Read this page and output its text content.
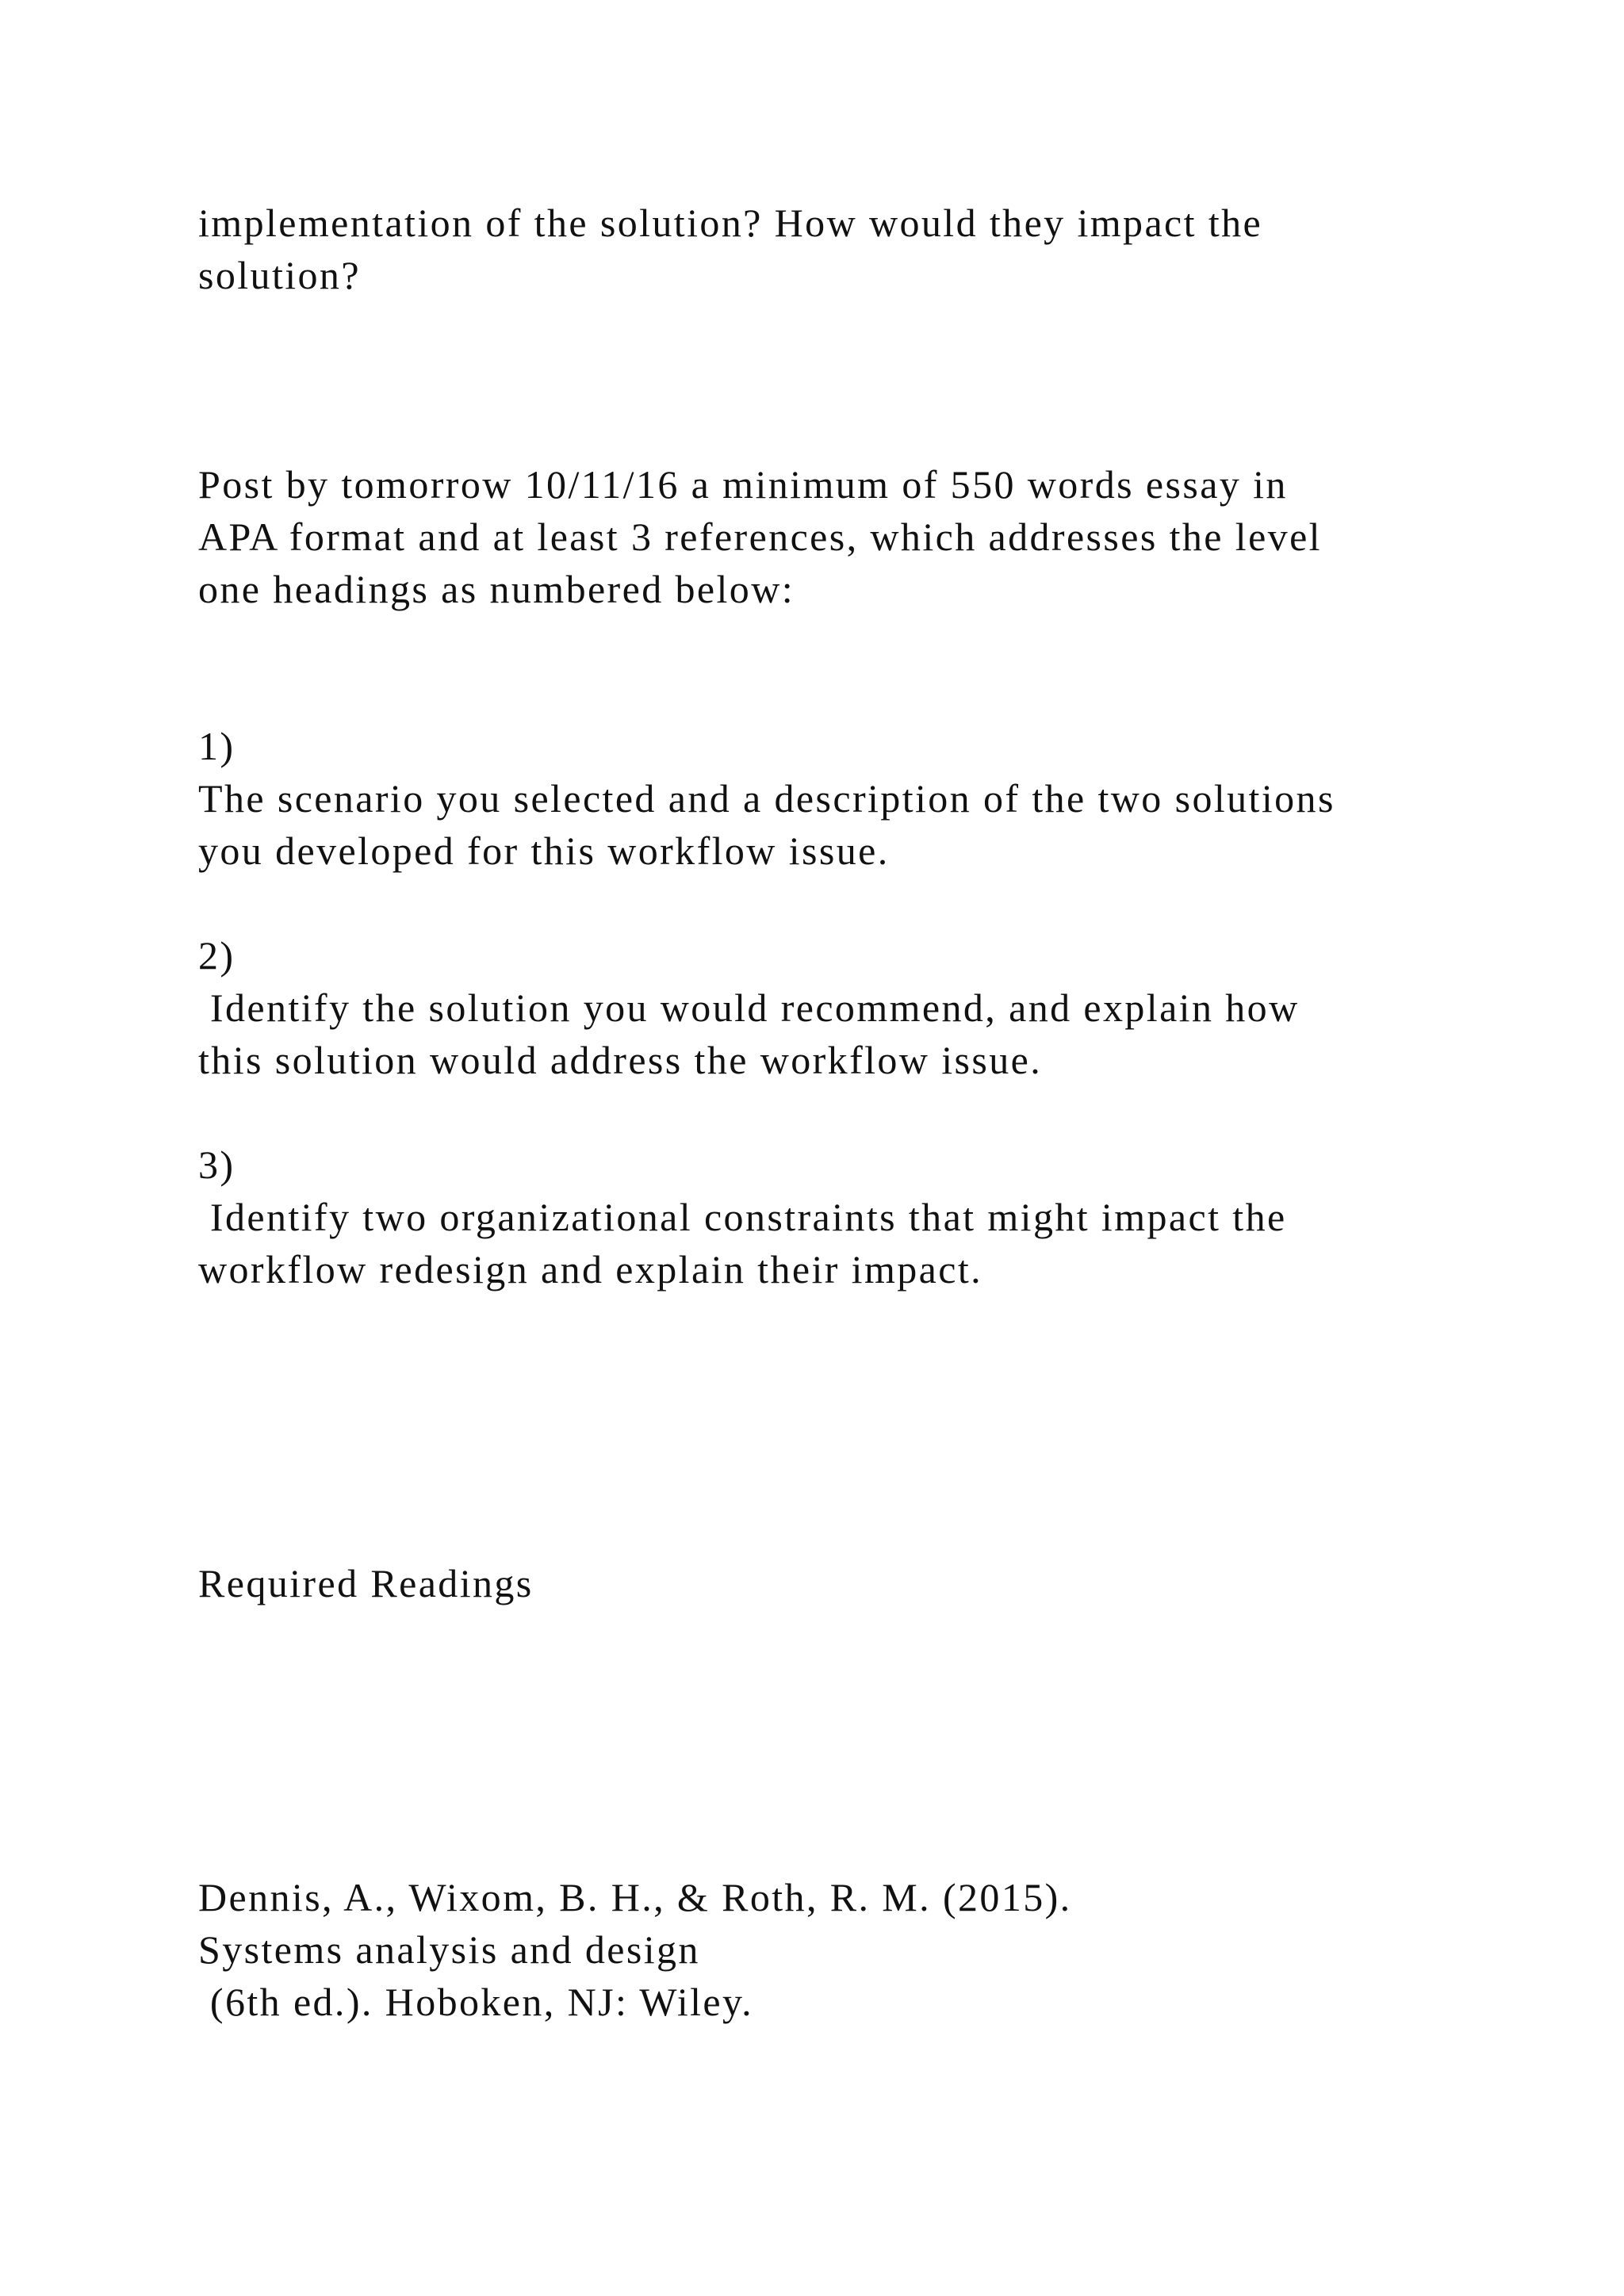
implementation of the solution? How would they impact the

solution?

Post by tomorrow 10/11/16 a minimum of 550 words essay in

APA format and at least 3 references, which addresses the level

one headings as numbered below:

1)

The scenario you selected and a description of the two solutions

you developed for this workflow issue.

2)

Identify the solution you would recommend, and explain how

this solution would address the workflow issue.

3)

Identify two organizational constraints that might impact the

workflow redesign and explain their impact.

Required Readings

Dennis, A., Wixom, B. H., & Roth, R. M. (2015).

Systems analysis and design

(6th ed.). Hoboken, NJ: Wiley.
